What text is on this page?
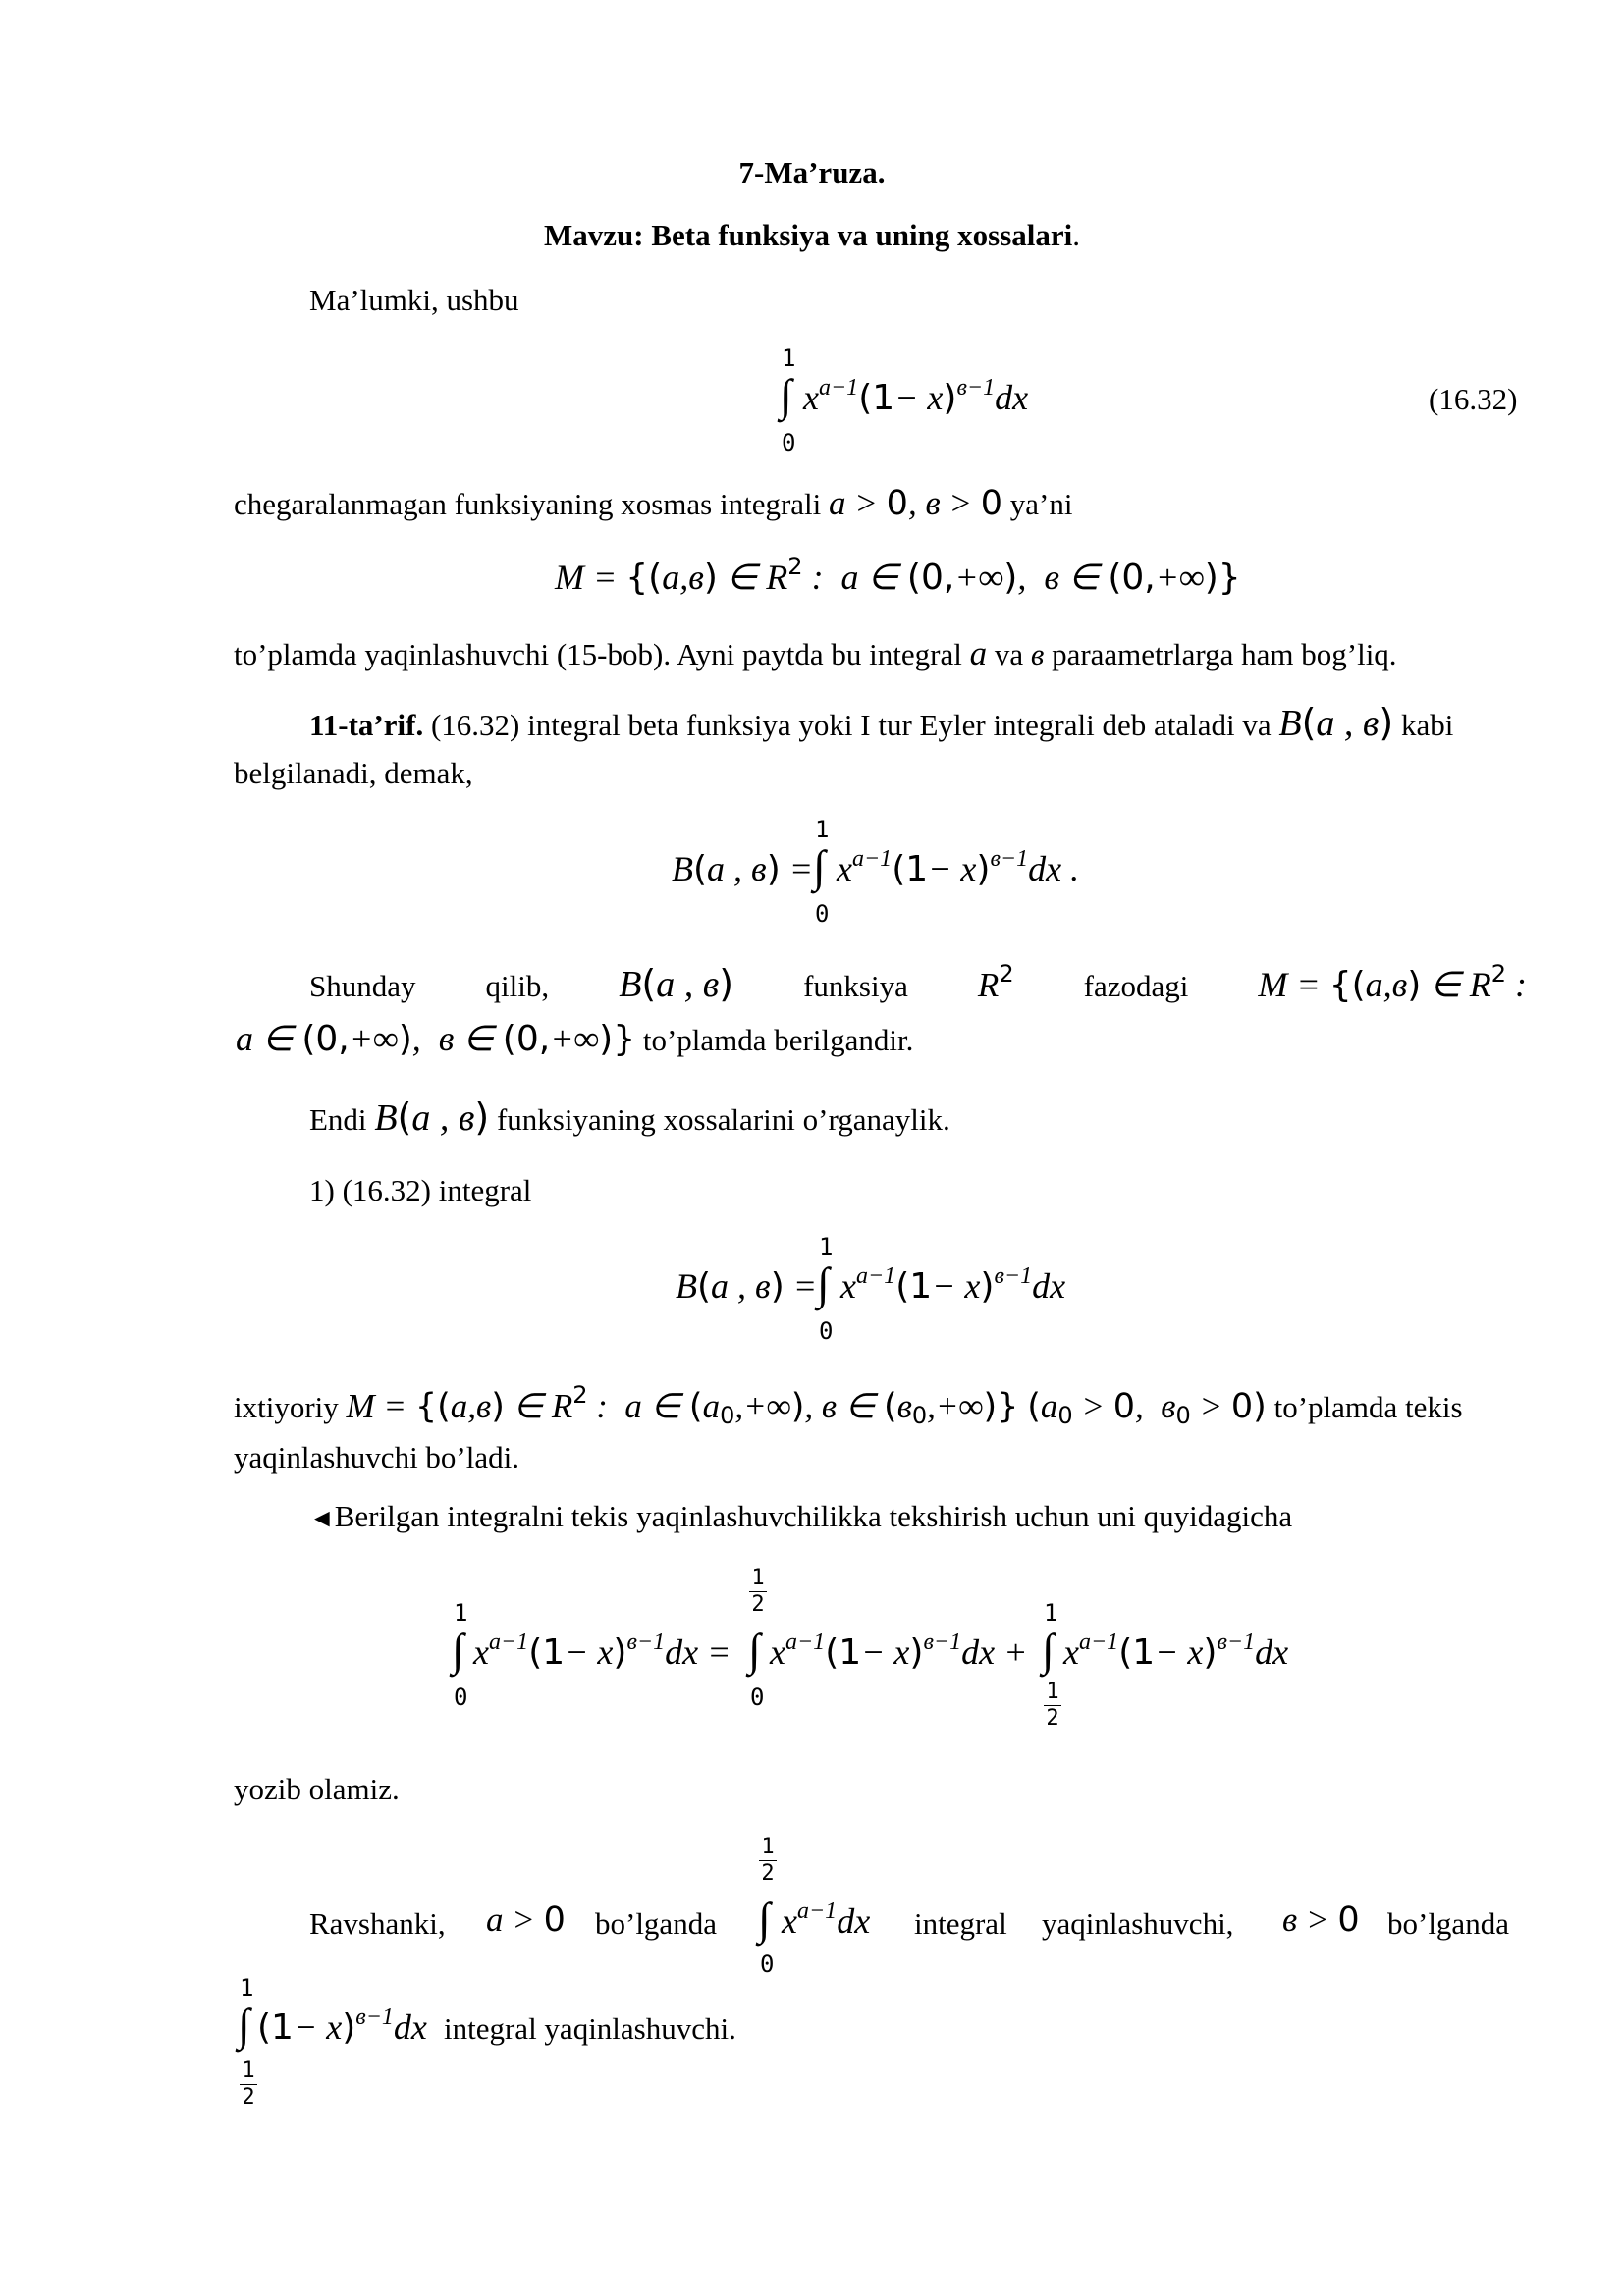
7-Ma’ruza.
Mavzu: Beta funksiya va uning xossalari.
Ma’lumki, ushbu
1
∫
0
$x^{a-1}(1- x)^{в-1}dx$	(16.32)
chegaralanmagan funksiyaning xosmas integrali a > 0, в > 0 ya’ni
M = {(a,в) ∈ $R^2$ :  a ∈ (0,+∞),  в ∈ (0,+∞)}
to’plamda yaqinlashuvchi (15-bob). Ayni paytda bu integral a va в paraametrlarga ham bog’liq.
11-ta’rif. (16.32) integral beta funksiya yoki I tur Eyler integrali deb ataladi va B(a , в) kabi
belgilanadi, demak,
B(a , в) =
1
∫
0
$x^{a-1}(1- x)^{в-1}dx$ .
Shunday qilib, B(a , в) funksiya $R^2$ fazodagi M = {(a,в) ∈ $R^2$ :
a ∈ (0,+∞),  в ∈ (0,+∞)} to’plamda berilgandir.
Endi B(a , в) funksiyaning xossalarini o’rganaylik.
1) (16.32) integral
B(a , в) =
1
∫
0
$x^{a-1}(1- x)^{в-1}dx$
ixtiyoriy M = {(a,в) ∈ $R^2$ :  a ∈ $(a_0,+\infty)$, в ∈ $(в_0,+\infty)$} ($a_0 > 0$,  $в_0 > 0$) to’plamda tekis
yaqinlashuvchi bo’ladi.
◄Berilgan integralni tekis yaqinlashuvchilikka tekshirish uchun uni quyidagicha
1
∫
0
$x^{a-1}(1- x)^{в-1}dx$ =
1
2
∫
0
$x^{a-1}(1- x)^{в-1}dx$ +
1
∫
1
2
$x^{a-1}(1- x)^{в-1}dx$
yozib olamiz.
Ravshanki, a > 0 bo’lganda
1
2
∫
0
$x^{a-1}dx$ integral yaqinlashuvchi, в > 0 bo’lganda
1
∫
1
2
$(1- x)^{в-1}dx$ integral yaqinlashuvchi.
